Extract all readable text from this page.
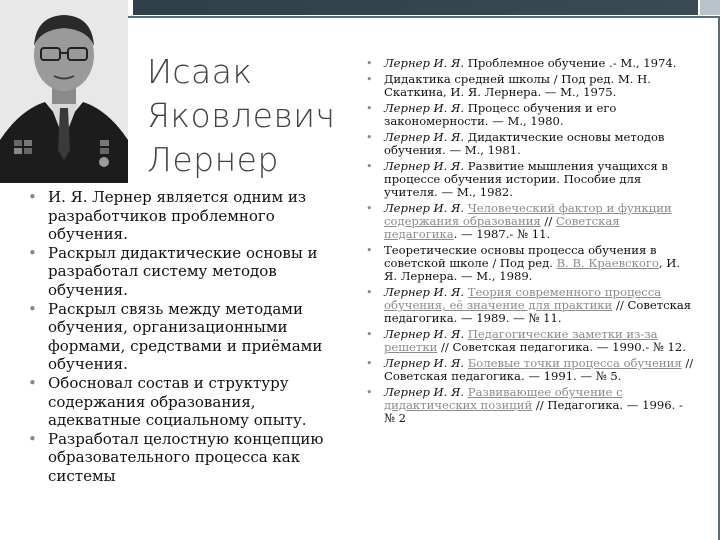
Исаак
Яковлевич
Лернер
• И. Я. Лернер является одним из разработчиков проблемного обучения.
• Раскрыл дидактические основы и разработал систему методов обучения.
• Раскрыл связь между методами обучения, организационными формами, средствами и приёмами обучения.
• Обосновал состав и структуру содержания образования, адекватные социальному опыту.
• Разработал целостную концепцию образовательного процесса как системы
• Лернер И. Я. Проблемное обучение .- М., 1974.
• Дидактика средней школы / Под ред. М. Н. Скаткина, И. Я. Лернера. — М., 1975.
• Лернер И. Я. Процесс обучения и его закономерности. — М., 1980.
• Лернер И. Я. Дидактические основы методов обучения. — М., 1981.
• Лернер И. Я. Развитие мышления учащихся в процессе обучения истории. Пособие для учителя. — М., 1982.
• Лернер И. Я. Человеческий фактор и функции содержания образования // Советская педагогика. — 1987.- № 11.
• Теоретические основы процесса обучения в советской школе / Под ред. В. В. Краевского, И. Я. Лернера. — М., 1989.
• Лернер И. Я. Теория современного процесса обучения, её значение для практики // Советская педагогика. — 1989. — № 11.
• Лернер И. Я. Педагогические заметки из-за решетки // Советская педагогика. — 1990.- № 12.
• Лернер И. Я. Болевые точки процесса обучения // Советская педагогика. — 1991. — № 5.
• Лернер И. Я. Развивающее обучение с дидактических позиций // Педагогика. — 1996. - № 2
